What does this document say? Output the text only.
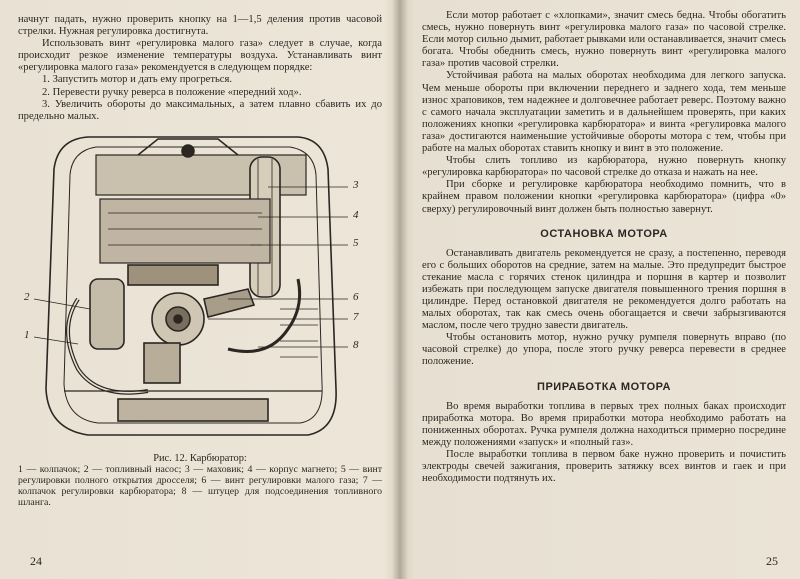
начнут падать, нужно проверить кнопку на 1—1,5 деления против часовой стрелки. Нужная регулировка достигнута.

Использовать винт «регулировка малого газа» следует в случае, когда происходит резкое изменение температуры воздуха. Устанавливать винт «регулировка малого газа» рекомендуется в следующем порядке:

1. Запустить мотор и дать ему прогреться.

2. Перевести ручку реверса в положение «передний ход».

3. Увеличить обороты до максимальных, а затем плавно сбавить их до предельно малых.

3
4
5
6
7
8
2
1
Рис. 12. Карбюратор:

1 — колпачок; 2 — топливный насос; 3 — маховик; 4 — корпус магнето; 5 — винт регулировки полного открытия дросселя; 6 — винт регулировки малого газа; 7 — колпачок регулировки карбюратора; 8 — штуцер для подсоединения топливного шланга.

24

Если мотор работает с «хлопками», значит смесь бедна. Чтобы обогатить смесь, нужно повернуть винт «регулировка малого газа» по часовой стрелке. Если мотор сильно дымит, работает рывками или останавливается, значит смесь богата. Чтобы обеднить смесь, нужно повернуть винт «регулировка малого газа» против часовой стрелки.

Устойчивая работа на малых оборотах необходима для легкого запуска. Чем меньше обороты при включении переднего и заднего хода, тем меньше износ храповиков, тем надежнее и долговечнее работает реверс. Поэтому важно с самого начала эксплуатации заметить и в дальнейшем проверять, при каких положениях кнопки «регулировка карбюратора» и винта «регулировка малого газа» достигаются наименьшие устойчивые обороты мотора с тем, чтобы при работе на малых оборотах ставить кнопку и винт в это положение.

Чтобы слить топливо из карбюратора, нужно повернуть кнопку «регулировка карбюратора» по часовой стрелке до отказа и нажать на нее.

При сборке и регулировке карбюратора необходимо помнить, что в крайнем правом положении кнопки «регулировка карбюратора» (цифра «0» сверху) регулировочный винт должен быть полностью завернут.

ОСТАНОВКА МОТОРА

Останавливать двигатель рекомендуется не сразу, а постепенно, переводя его с больших оборотов на средние, затем на малые. Это предупредит быстрое стекание масла с горячих стенок цилиндра и поршня в картер и позволит избежать при последующем запуске двигателя повышенного трения поршня в цилиндре. Перед остановкой двигателя не рекомендуется долго работать на малых оборотах, так как смесь очень обогащается и свечи забрызгиваются маслом, после чего трудно завести двигатель.

Чтобы остановить мотор, нужно ручку румпеля повернуть вправо (по часовой стрелке) до упора, после этого ручку реверса перевести в среднее положение.

ПРИРАБОТКА МОТОРА

Во время выработки топлива в первых трех полных баках происходит приработка мотора. Во время приработки мотора необходимо работать на пониженных оборотах. Ручка румпеля должна находиться примерно посредине между положениями «запуск» и «полный газ».

После выработки топлива в первом баке нужно проверить и почистить электроды свечей зажигания, проверить затяжку всех винтов и гаек и при необходимости подтянуть их.

25
